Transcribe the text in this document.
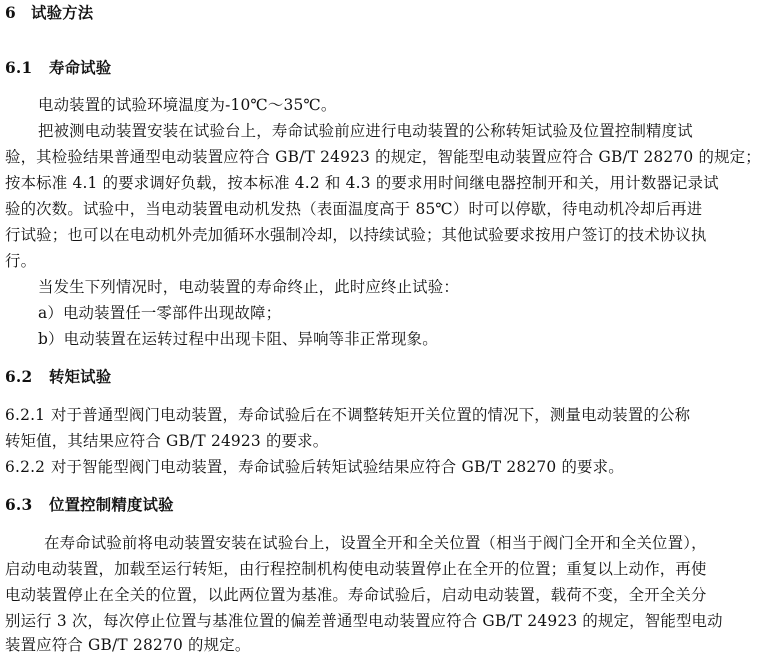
6 试验方法
6.1 寿命试验
电动装置的试验环境温度为-10℃～35℃。
把被测电动装置安装在试验台上，寿命试验前应进行电动装置的公称转矩试验及位置控制精度试
验，其检验结果普通型电动装置应符合 GB/T 24923 的规定，智能型电动装置应符合 GB/T 28270 的规定；
按本标准 4.1 的要求调好负载，按本标准 4.2 和 4.3 的要求用时间继电器控制开和关，用计数器记录试
验的次数。试验中，当电动装置电动机发热（表面温度高于 85℃）时可以停歇，待电动机冷却后再进
行试验；也可以在电动机外壳加循环水强制冷却，以持续试验；其他试验要求按用户签订的技术协议执
行。
当发生下列情况时，电动装置的寿命终止，此时应终止试验：
a）电动装置任一零部件出现故障；
b）电动装置在运转过程中出现卡阻、异响等非正常现象。
6.2 转矩试验
6.2.1 对于普通型阀门电动装置，寿命试验后在不调整转矩开关位置的情况下，测量电动装置的公称
转矩值，其结果应符合 GB/T 24923 的要求。
6.2.2 对于智能型阀门电动装置，寿命试验后转矩试验结果应符合 GB/T 28270 的要求。
6.3 位置控制精度试验
在寿命试验前将电动装置安装在试验台上，设置全开和全关位置（相当于阀门全开和全关位置），
启动电动装置，加载至运行转矩，由行程控制机构使电动装置停止在全开的位置；重复以上动作，再使
电动装置停止在全关的位置，以此两位置为基准。寿命试验后，启动电动装置，载荷不变，全开全关分
别运行 3 次，每次停止位置与基准位置的偏差普通型电动装置应符合 GB/T 24923 的规定，智能型电动
装置应符合 GB/T 28270 的规定。
